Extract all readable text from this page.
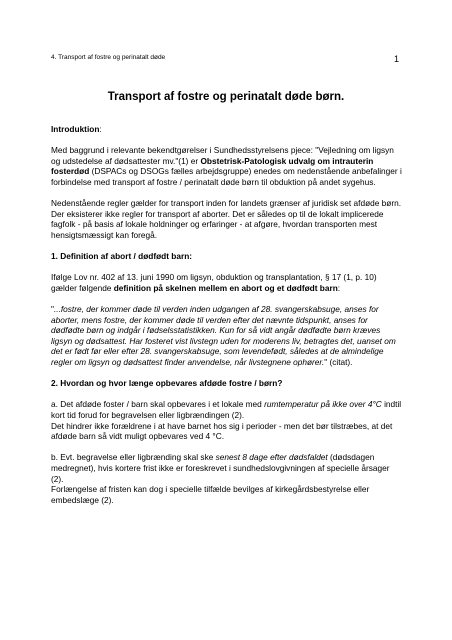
4. Transport af fostre og perinatalt døde	1
Transport af fostre og perinatalt døde børn.

Introduktion:

Med baggrund i relevante bekendtgørelser i Sundhedsstyrelsens pjece: "Vejledning om ligsyn og udstedelse af dødsattester mv."(1) er Obstetrisk-Patologisk udvalg om intrauterin fosterdød (DSPACs og DSOGs fælles arbejdsgruppe) enedes om nedenstående anbefalinger i forbindelse med transport af fostre / perinatalt døde børn til obduktion på andet sygehus.

Nedenstående regler gælder for transport inden for landets grænser af juridisk set afdøde børn. Der eksisterer ikke regler for transport af aborter. Det er således op til de lokalt implicerede fagfolk - på basis af lokale holdninger og erfaringer - at afgøre, hvordan transporten mest hensigtsmæssigt kan foregå.

1. Definition af abort / dødfødt barn:

Ifølge Lov nr. 402 af 13. juni 1990 om ligsyn, obduktion og transplantation, § 17 (1, p. 10) gælder følgende definition på skelnen mellem en abort og et dødfødt barn:

"...fostre, der kommer døde til verden inden udgangen af 28. svangerskabsuge, anses for aborter, mens fostre, der kommer døde til verden efter det nævnte tidspunkt, anses for dødfødte børn og indgår i fødselsstatistikken. Kun for så vidt angår dødfødte børn kræves ligsyn og dødsattest. Har fosteret vist livstegn uden for moderens liv, betragtes det, uanset om det er født før eller efter 28. svangerskabsuge, som levendefødt, således at de almindelige regler om ligsyn og dødsattest finder anvendelse, når livstegnene ophører." (citat).

2. Hvordan og hvor længe opbevares afdøde fostre / børn?

a. Det afdøde foster / barn skal opbevares i et lokale med rumtemperatur på ikke over 4°C indtil kort tid forud for begravelsen eller ligbrændingen (2).
Det hindrer ikke forældrene i at have barnet hos sig i perioder - men det bør tilstræbes, at det afdøde barn så vidt muligt opbevares ved 4 °C.

b. Evt. begravelse eller ligbrænding skal ske senest 8 dage efter dødsfaldet (dødsdagen medregnet), hvis kortere frist ikke er foreskrevet i sundhedslovgivningen af specielle årsager (2).
Forlængelse af fristen kan dog i specielle tilfælde bevilges af kirkegårdsbestyrelse eller embedslæge (2).
